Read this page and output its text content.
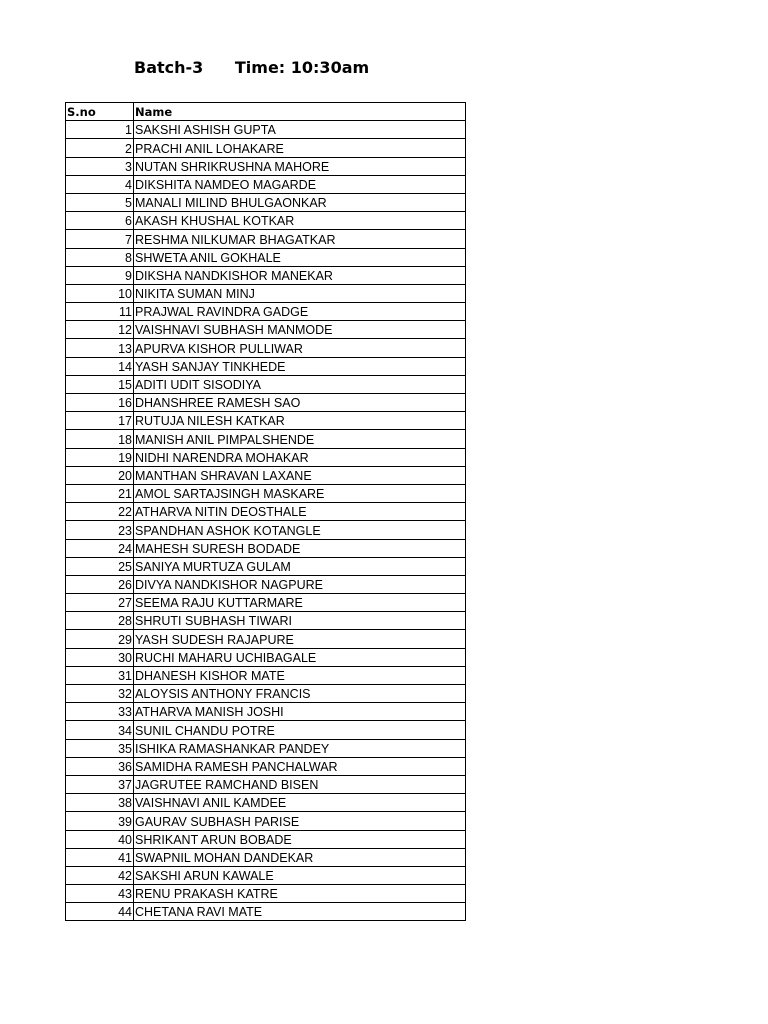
Batch-3 Time: 10:30am
S.no	Name
1	SAKSHI ASHISH GUPTA
2	PRACHI ANIL LOHAKARE
3	NUTAN SHRIKRUSHNA MAHORE
4	DIKSHITA NAMDEO MAGARDE
5	MANALI MILIND BHULGAONKAR
6	AKASH KHUSHAL KOTKAR
7	RESHMA NILKUMAR BHAGATKAR
8	SHWETA ANIL GOKHALE
9	DIKSHA NANDKISHOR MANEKAR
10	NIKITA SUMAN MINJ
11	PRAJWAL RAVINDRA GADGE
12	VAISHNAVI SUBHASH MANMODE
13	APURVA KISHOR PULLIWAR
14	YASH SANJAY TINKHEDE
15	ADITI UDIT SISODIYA
16	DHANSHREE RAMESH SAO
17	RUTUJA NILESH KATKAR
18	MANISH ANIL PIMPALSHENDE
19	NIDHI NARENDRA MOHAKAR
20	MANTHAN SHRAVAN LAXANE
21	AMOL SARTAJSINGH MASKARE
22	ATHARVA NITIN DEOSTHALE
23	SPANDHAN ASHOK KOTANGLE
24	MAHESH SURESH BODADE
25	SANIYA MURTUZA GULAM
26	DIVYA NANDKISHOR NAGPURE
27	SEEMA RAJU KUTTARMARE
28	SHRUTI SUBHASH TIWARI
29	YASH SUDESH RAJAPURE
30	RUCHI MAHARU UCHIBAGALE
31	DHANESH KISHOR MATE
32	ALOYSIS ANTHONY FRANCIS
33	ATHARVA MANISH JOSHI
34	SUNIL CHANDU POTRE
35	ISHIKA RAMASHANKAR PANDEY
36	SAMIDHA RAMESH PANCHALWAR
37	JAGRUTEE RAMCHAND BISEN
38	VAISHNAVI ANIL KAMDEE
39	GAURAV SUBHASH PARISE
40	SHRIKANT ARUN BOBADE
41	SWAPNIL MOHAN DANDEKAR
42	SAKSHI ARUN KAWALE
43	RENU PRAKASH KATRE
44	CHETANA RAVI MATE
